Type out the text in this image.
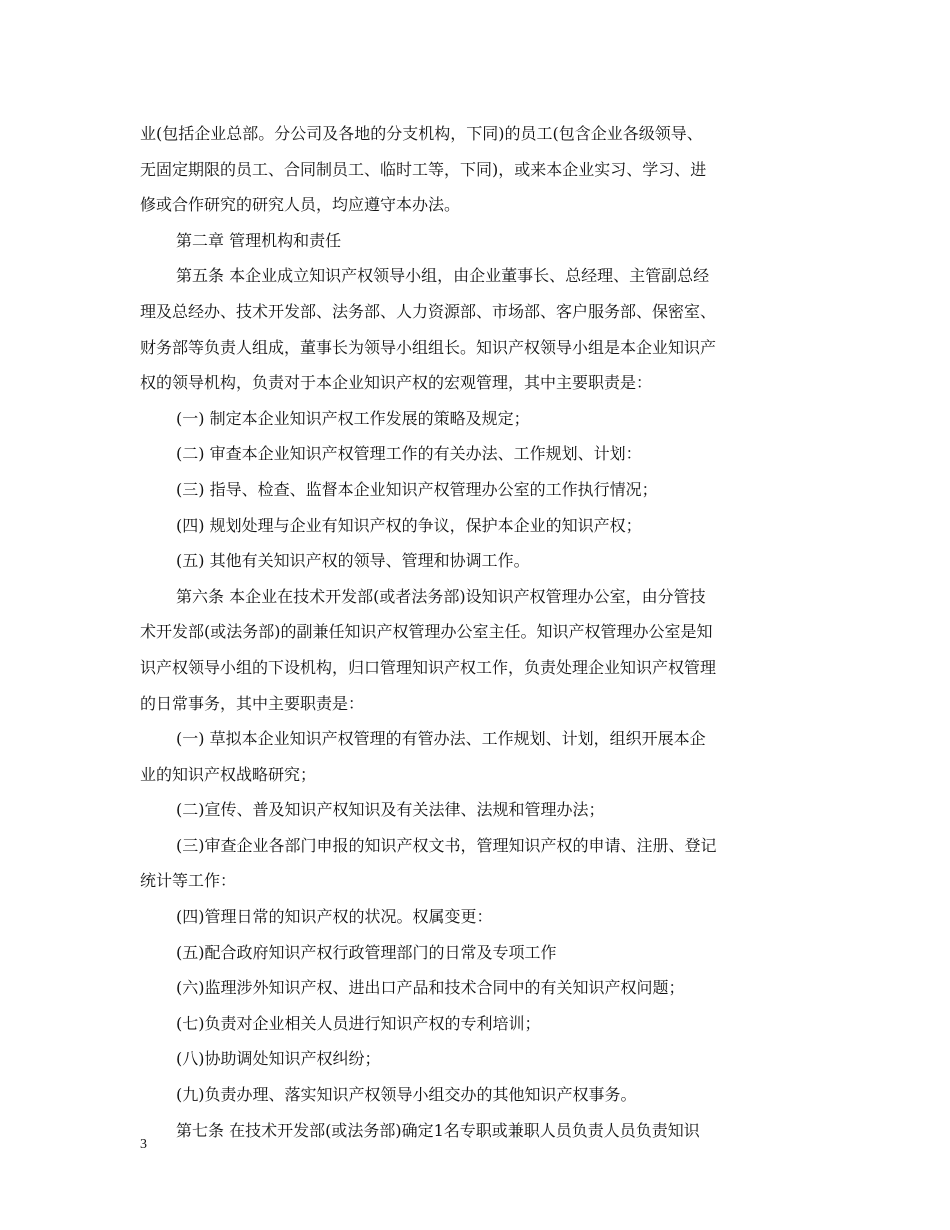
业(包括企业总部。分公司及各地的分支机构，下同)的员工(包含企业各级领导、
无固定期限的员工、合同制员工、临时工等，下同)，或来本企业实习、学习、进
修或合作研究的研究人员，均应遵守本办法。
第二章 管理机构和责任
第五条 本企业成立知识产权领导小组，由企业董事长、总经理、主管副总经
理及总经办、技术开发部、法务部、人力资源部、市场部、客户服务部、保密室、
财务部等负责人组成，董事长为领导小组组长。知识产权领导小组是本企业知识产
权的领导机构，负责对于本企业知识产权的宏观管理，其中主要职责是：
(一) 制定本企业知识产权工作发展的策略及规定；
(二) 审查本企业知识产权管理工作的有关办法、工作规划、计划：
(三) 指导、检查、监督本企业知识产权管理办公室的工作执行情况；
(四) 规划处理与企业有知识产权的争议，保护本企业的知识产权；
(五) 其他有关知识产权的领导、管理和协调工作。
第六条 本企业在技术开发部(或者法务部)设知识产权管理办公室，由分管技
术开发部(或法务部)的副兼任知识产权管理办公室主任。知识产权管理办公室是知
识产权领导小组的下设机构，归口管理知识产权工作，负责处理企业知识产权管理
的日常事务，其中主要职责是：
(一) 草拟本企业知识产权管理的有管办法、工作规划、计划，组织开展本企
业的知识产权战略研究；
(二)宣传、普及知识产权知识及有关法律、法规和管理办法；
(三)审查企业各部门申报的知识产权文书，管理知识产权的申请、注册、登记
统计等工作：
(四)管理日常的知识产权的状况。权属变更：
(五)配合政府知识产权行政管理部门的日常及专项工作
(六)监理涉外知识产权、进出口产品和技术合同中的有关知识产权问题；
(七)负责对企业相关人员进行知识产权的专利培训；
(八)协助调处知识产权纠纷；
(九)负责办理、落实知识产权领导小组交办的其他知识产权事务。
第七条 在技术开发部(或法务部)确定1名专职或兼职人员负责人员负责知识
3
